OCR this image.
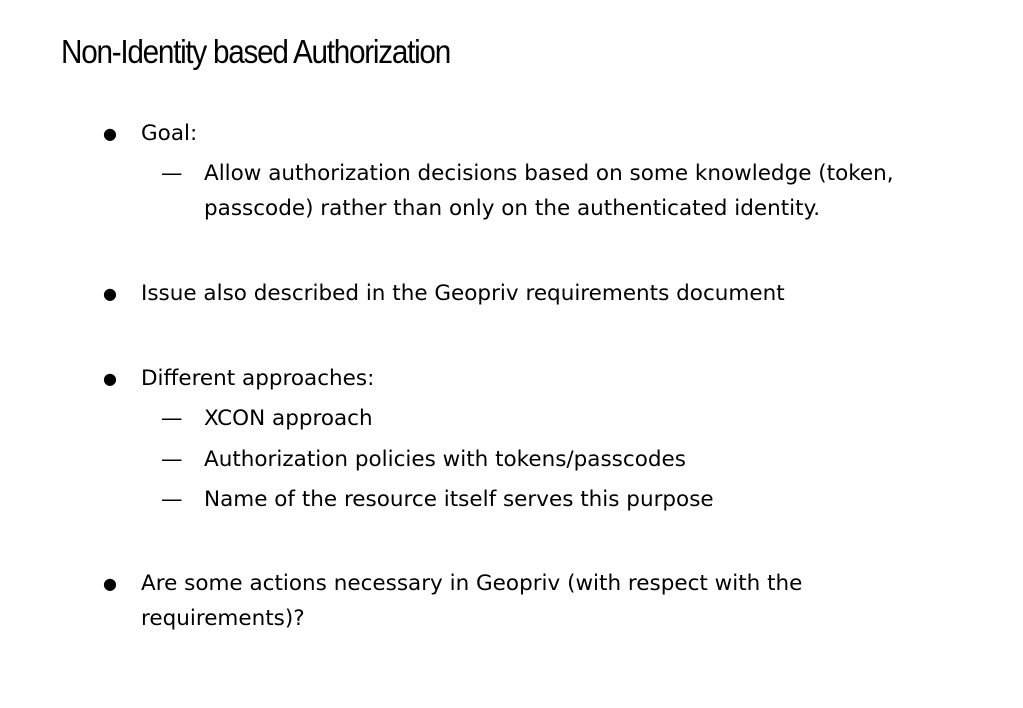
Non-Identity based Authorization
● Goal:
— Allow authorization decisions based on some knowledge (token, passcode) rather than only on the authenticated identity.
● Issue also described in the Geopriv requirements document
● Different approaches:
— XCON approach
— Authorization policies with tokens/passcodes
— Name of the resource itself serves this purpose
● Are some actions necessary in Geopriv (with respect with the requirements)?
